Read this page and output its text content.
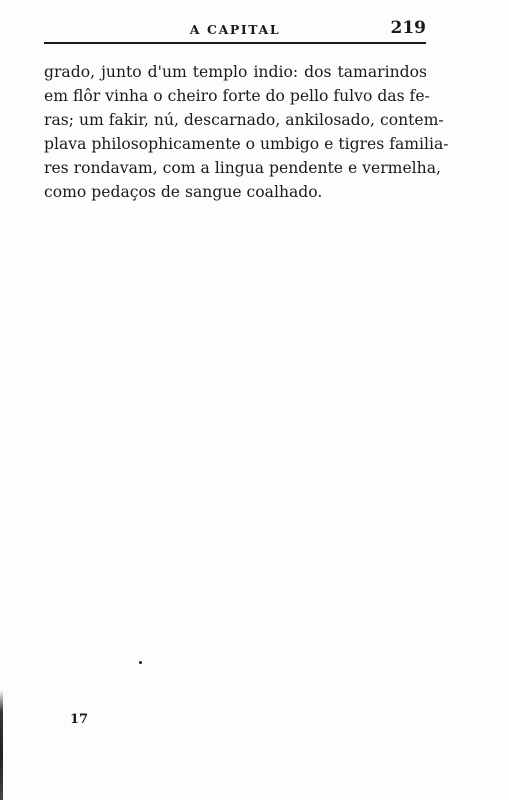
A CAPITAL	219
grado, junto d'um templo indio: dos tamarindos
em flôr vinha o cheiro forte do pello fulvo das fe-
ras; um fakir, nú, descarnado, ankilosado, contem-
plava philosophicamente o umbigo e tigres familia-
res rondavam, com a lingua pendente e vermelha,
como pedaços de sangue coalhado.
17
